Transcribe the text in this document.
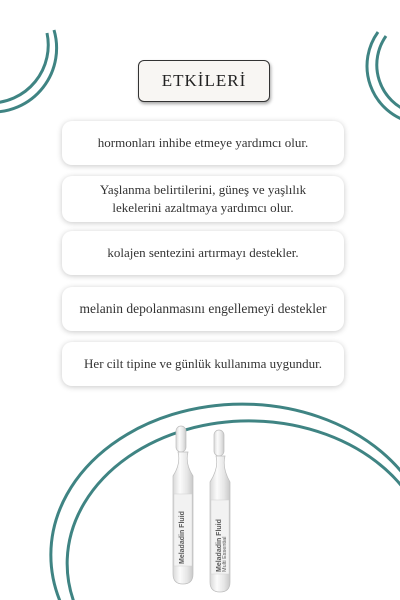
ETKİLERİ
hormonları inhibe etmeye yardımcı olur.
Yaşlanma belirtilerini, güneş ve yaşlılık lekelerini azaltmaya yardımcı olur.
kolajen sentezini artırmayı destekler.
melanin depolanmasını engellemeyi destekler
Her cilt tipine ve günlük kullanıma uygundur.
Meladadin Fluid	Meladadin Fluid Multi Essential
